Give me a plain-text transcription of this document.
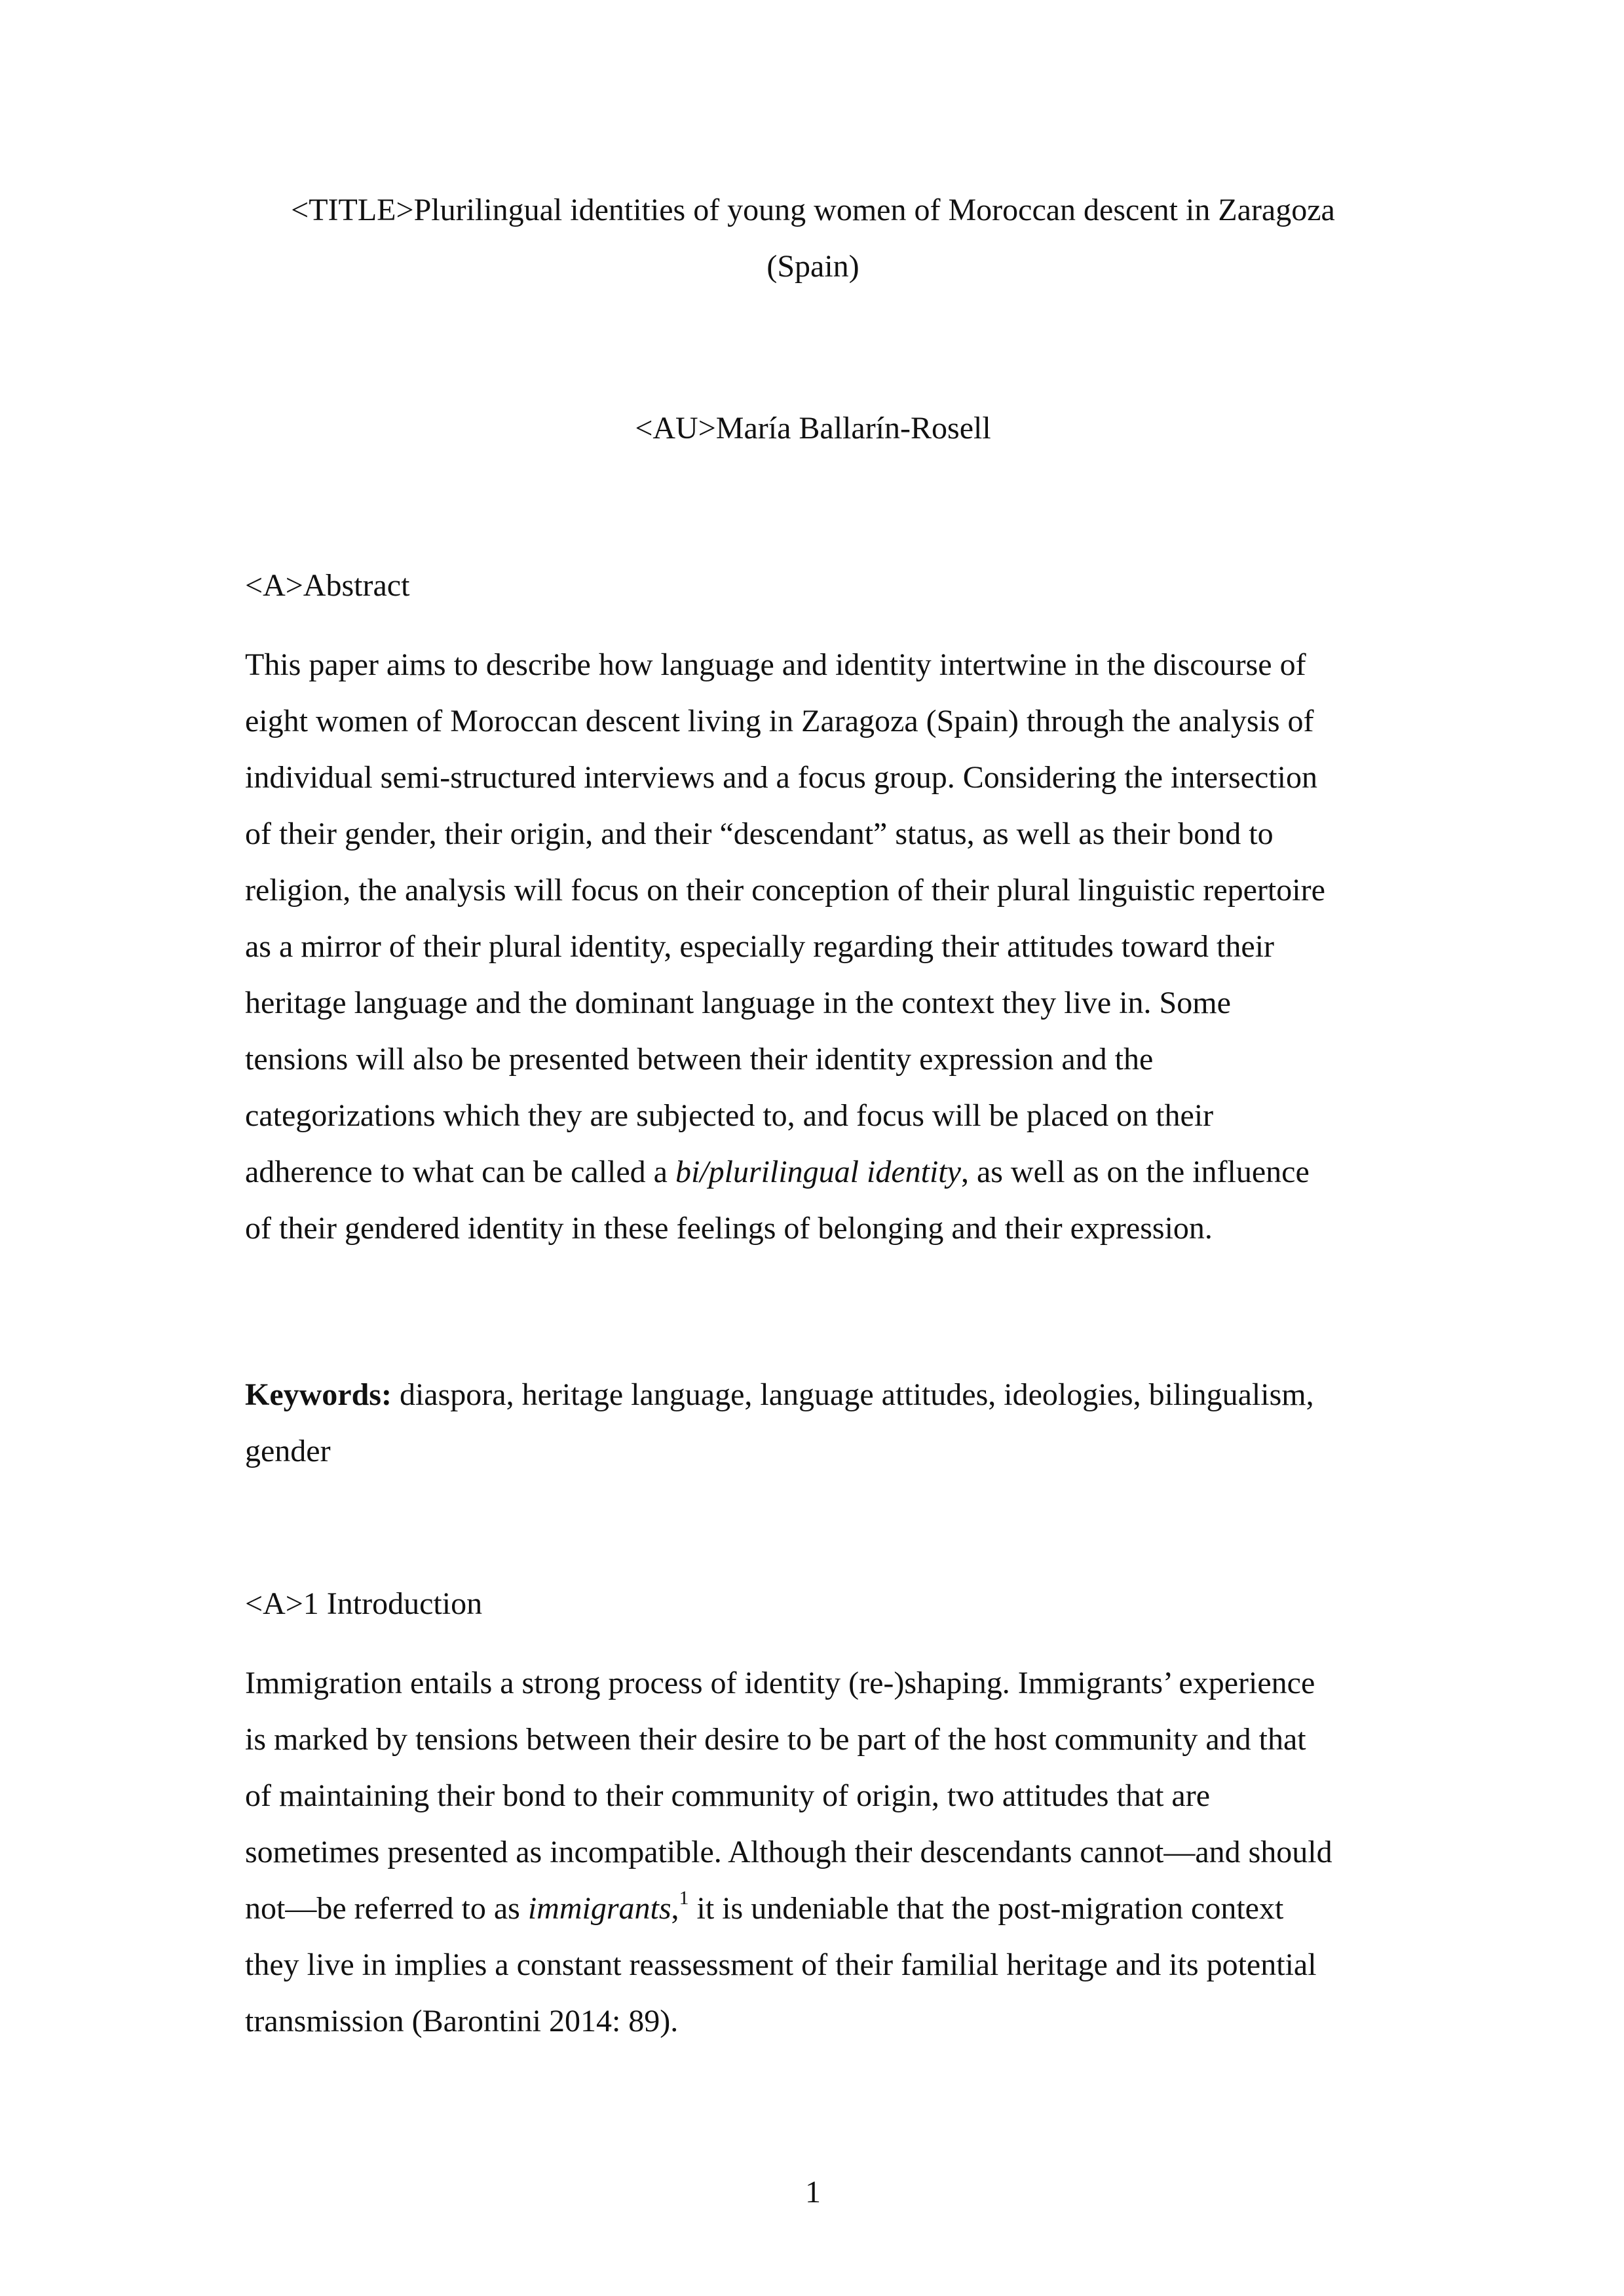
<TITLE>Plurilingual identities of young women of Moroccan descent in Zaragoza
(Spain)

<AU>María Ballarín-Rosell

<A>Abstract
This paper aims to describe how language and identity intertwine in the discourse of
eight women of Moroccan descent living in Zaragoza (Spain) through the analysis of
individual semi-structured interviews and a focus group. Considering the intersection
of their gender, their origin, and their “descendant” status, as well as their bond to
religion, the analysis will focus on their conception of their plural linguistic repertoire
as a mirror of their plural identity, especially regarding their attitudes toward their
heritage language and the dominant language in the context they live in. Some
tensions will also be presented between their identity expression and the
categorizations which they are subjected to, and focus will be placed on their
adherence to what can be called a bi/plurilingual identity, as well as on the influence
of their gendered identity in these feelings of belonging and their expression.
Keywords: diaspora, heritage language, language attitudes, ideologies, bilingualism,
gender
<A>1 Introduction
Immigration entails a strong process of identity (re-)shaping. Immigrants’ experience
is marked by tensions between their desire to be part of the host community and that
of maintaining their bond to their community of origin, two attitudes that are
sometimes presented as incompatible. Although their descendants cannot—and should
not—be referred to as immigrants,$^1$ it is undeniable that the post-migration context
they live in implies a constant reassessment of their familial heritage and its potential
transmission (Barontini 2014: 89).
1
